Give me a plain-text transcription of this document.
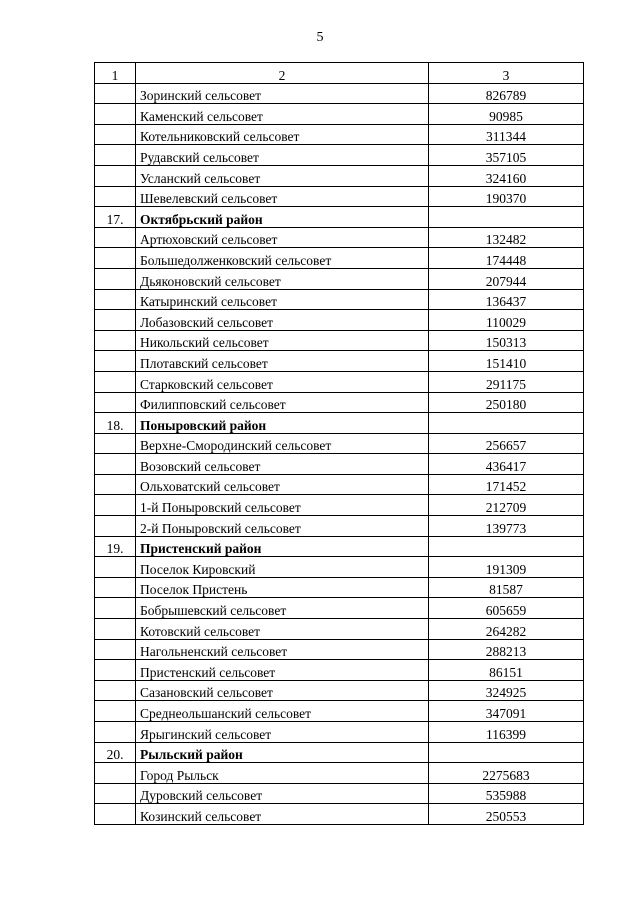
5
1	2	3
	Зоринский сельсовет	826789
	Каменский сельсовет	90985
	Котельниковский сельсовет	311344
	Рудавский сельсовет	357105
	Усланский сельсовет	324160
	Шевелевский сельсовет	190370
17.	Октябрьский район	
	Артюховский сельсовет	132482
	Большедолженковский сельсовет	174448
	Дьяконовский сельсовет	207944
	Катыринский сельсовет	136437
	Лобазовский сельсовет	110029
	Никольский сельсовет	150313
	Плотавский сельсовет	151410
	Старковский сельсовет	291175
	Филипповский сельсовет	250180
18.	Поныровский район	
	Верхне-Смородинский сельсовет	256657
	Возовский сельсовет	436417
	Ольховатский сельсовет	171452
	1-й Поныровский сельсовет	212709
	2-й Поныровский сельсовет	139773
19.	Пристенский район	
	Поселок Кировский	191309
	Поселок Пристень	81587
	Бобрышевский сельсовет	605659
	Котовский сельсовет	264282
	Нагольненский сельсовет	288213
	Пристенский сельсовет	86151
	Сазановский сельсовет	324925
	Среднеольшанский сельсовет	347091
	Ярыгинский сельсовет	116399
20.	Рыльский район	
	Город Рыльск	2275683
	Дуровский сельсовет	535988
	Козинский сельсовет	250553
